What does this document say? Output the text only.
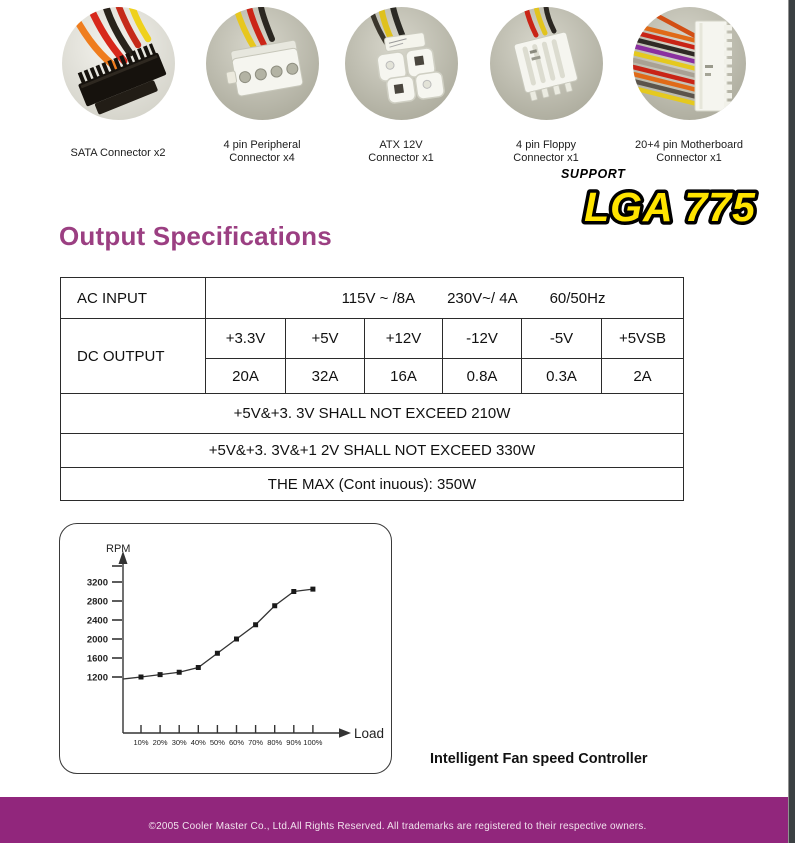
SATA Connector x2
4 pin Peripheral
Connector x4
ATX 12V
Connector x1
4 pin Floppy
Connector x1
20+4 pin Motherboard
Connector x1
SUPPORT
LGA 775
Output Specifications
AC INPUT	115V ~ /8A 230V~/ 4A 60/50Hz					

DC OUTPUT	+3.3V	+5V	+12V	-12V	-5V	+5VSB
	20A	32A	16A	0.8A	0.3A	2A
+5V&+3. 3V SHALL NOT EXCEED 210W						
+5V&+3. 3V&+1 2V SHALL NOT EXCEED 330W						
THE MAX (Cont inuous): 350W						
RPM
Load
1200
1600
2000
2400
2800
3200
10% 20% 30% 40% 50% 60% 70% 80% 90% 100%
Intelligent Fan speed Controller
©2005 Cooler Master Co., Ltd.All Rights Reserved. All trademarks are registered to their respective owners.
